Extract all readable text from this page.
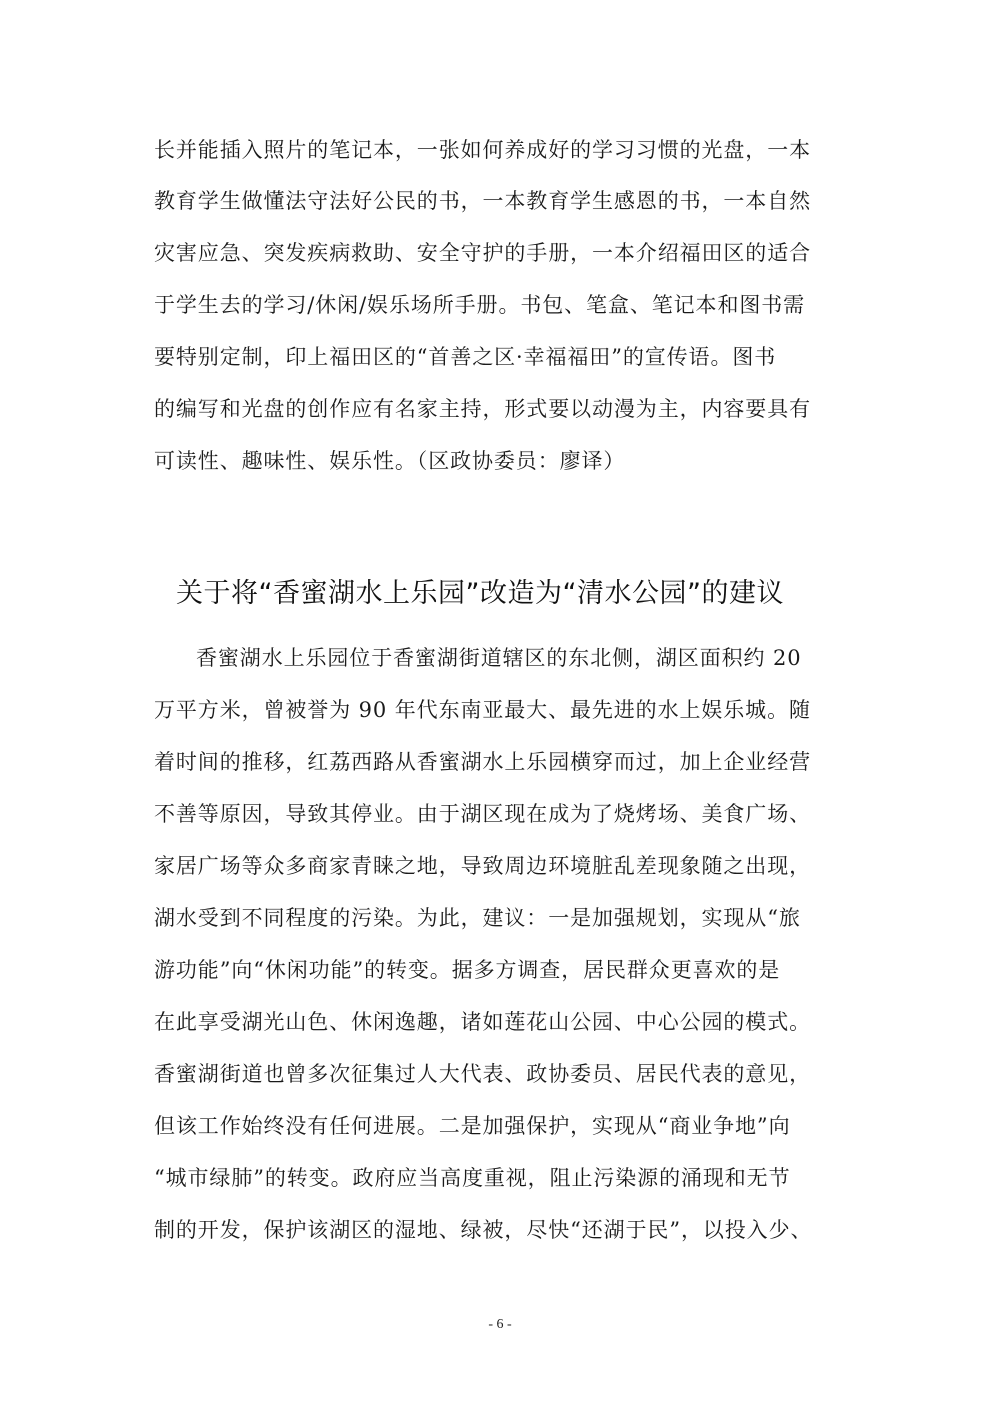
长并能插入照片的笔记本，一张如何养成好的学习习惯的光盘，一本
教育学生做懂法守法好公民的书，一本教育学生感恩的书，一本自然
灾害应急、突发疾病救助、安全守护的手册，一本介绍福田区的适合
于学生去的学习/休闲/娱乐场所手册。书包、笔盒、笔记本和图书需
要特别定制，印上福田区的“首善之区·幸福福田”的宣传语。图书
的编写和光盘的创作应有名家主持，形式要以动漫为主，内容要具有
可读性、趣味性、娱乐性。（区政协委员：廖译）
关于将“香蜜湖水上乐园”改造为“清水公园”的建议
香蜜湖水上乐园位于香蜜湖街道辖区的东北侧，湖区面积约 20
万平方米，曾被誉为 90 年代东南亚最大、最先进的水上娱乐城。随
着时间的推移，红荔西路从香蜜湖水上乐园横穿而过，加上企业经营
不善等原因，导致其停业。由于湖区现在成为了烧烤场、美食广场、
家居广场等众多商家青睐之地，导致周边环境脏乱差现象随之出现，
湖水受到不同程度的污染。为此，建议：一是加强规划，实现从“旅
游功能”向“休闲功能”的转变。据多方调查，居民群众更喜欢的是
在此享受湖光山色、休闲逸趣，诸如莲花山公园、中心公园的模式。
香蜜湖街道也曾多次征集过人大代表、政协委员、居民代表的意见，
但该工作始终没有任何进展。二是加强保护，实现从“商业争地”向
“城市绿肺”的转变。政府应当高度重视，阻止污染源的涌现和无节
制的开发，保护该湖区的湿地、绿被，尽快“还湖于民”，以投入少、
- 6 -
